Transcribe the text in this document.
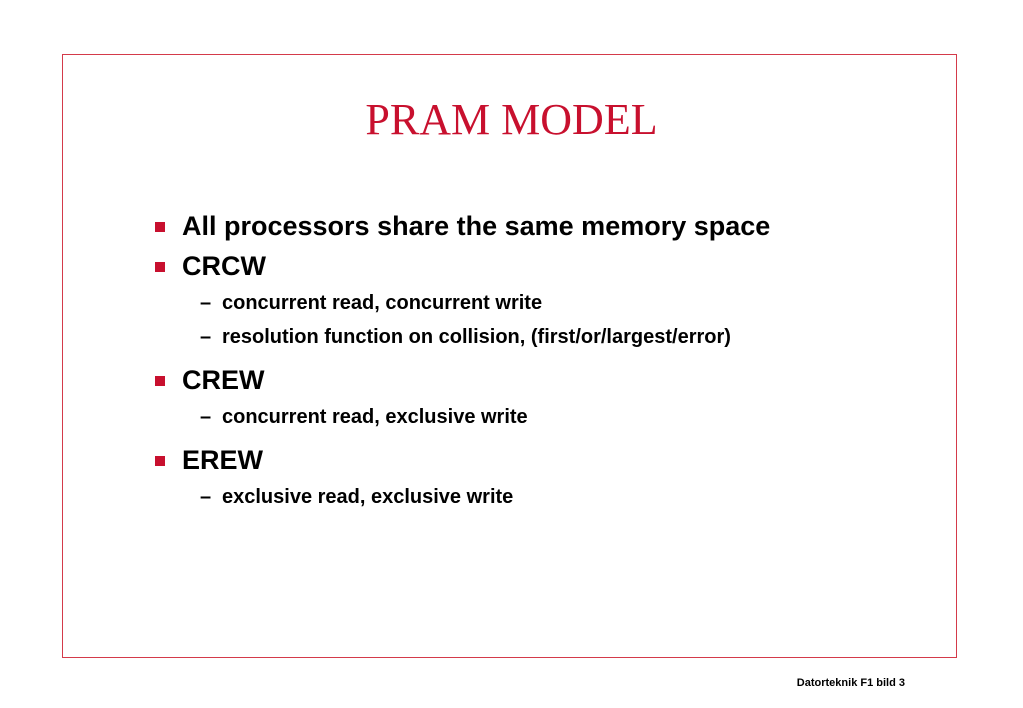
PRAM MODEL
All processors share the same memory space
CRCW
– concurrent read, concurrent write
– resolution function on collision, (first/or/largest/error)
CREW
– concurrent read, exclusive write
EREW
– exclusive read, exclusive write
Datorteknik F1 bild 3
